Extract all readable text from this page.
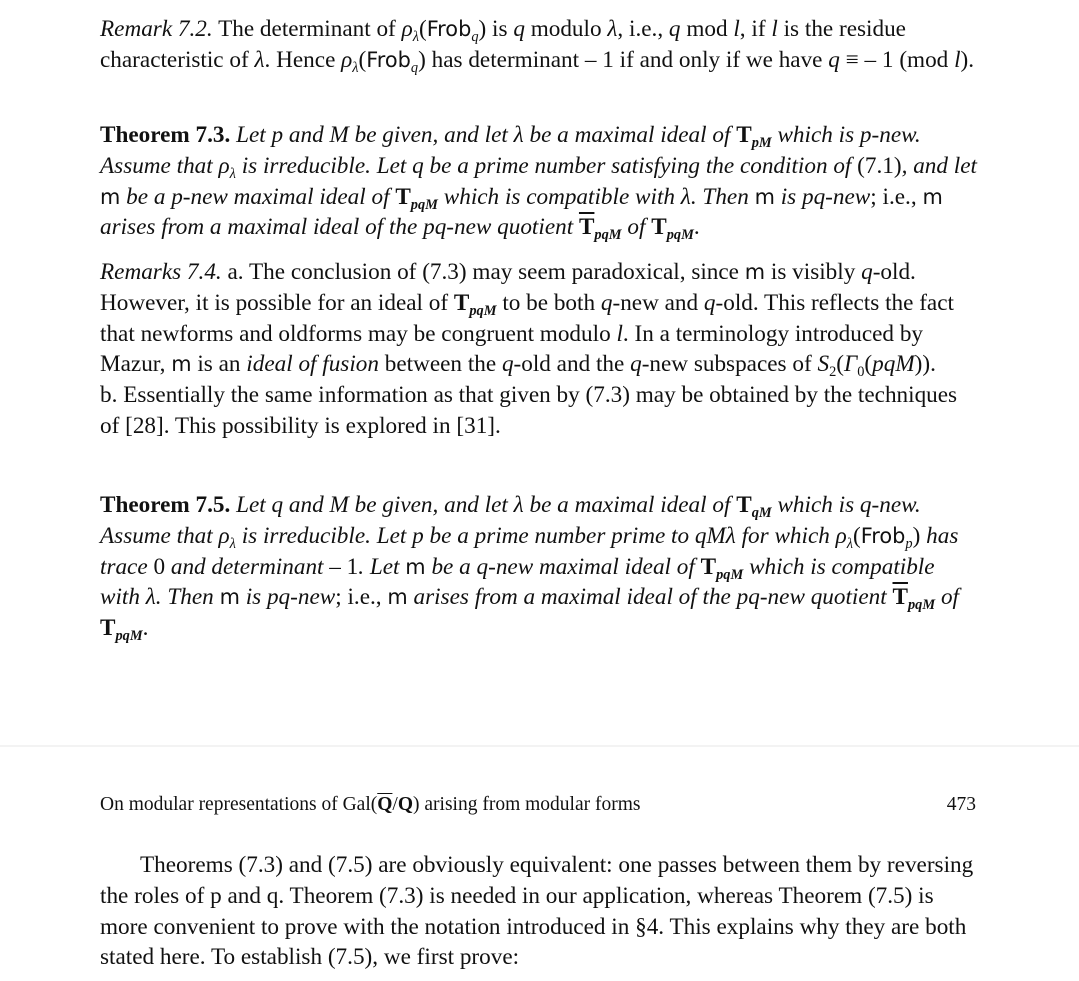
Remark 7.2. The determinant of $\rho_\lambda(Frob_q)$ is q modulo λ, i.e., q mod l, if l is the residue characteristic of λ. Hence $\rho_\lambda(Frob_q)$ has determinant – 1 if and only if we have q ≡ – 1 (mod l).

Theorem 7.3. Let p and M be given, and let λ be a maximal ideal of $T_{pM}$ which is p-new. Assume that $\rho_\lambda$ is irreducible. Let q be a prime number satisfying the condition of (7.1), and let m be a p-new maximal ideal of $T_{pqM}$ which is compatible with λ. Then m is pq-new; i.e., m arises from a maximal ideal of the pq-new quotient $\overline{T}_{pqM}$ of $T_{pqM}$.

Remarks 7.4. a. The conclusion of (7.3) may seem paradoxical, since m is visibly q-old. However, it is possible for an ideal of $T_{pqM}$ to be both q-new and q-old. This reflects the fact that newforms and oldforms may be congruent modulo l. In a terminology introduced by Mazur, m is an ideal of fusion between the q-old and the q-new subspaces of $S_2(\Gamma_0(pqM))$.
b. Essentially the same information as that given by (7.3) may be obtained by the techniques of [28]. This possibility is explored in [31].

Theorem 7.5. Let q and M be given, and let λ be a maximal ideal of $T_{qM}$ which is q-new. Assume that $\rho_\lambda$ is irreducible. Let p be a prime number prime to qMλ for which $\rho_\lambda(Frob_p)$ has trace 0 and determinant – 1. Let m be a q-new maximal ideal of $T_{pqM}$ which is compatible with λ. Then m is pq-new; i.e., m arises from a maximal ideal of the pq-new quotient $\overline{T}_{pqM}$ of $T_{pqM}$.

On modular representations of $Gal(\overline{Q}/Q)$ arising from modular forms	473

Theorems (7.3) and (7.5) are obviously equivalent: one passes between them by reversing the roles of p and q. Theorem (7.3) is needed in our application, whereas Theorem (7.5) is more convenient to prove with the notation introduced in §4. This explains why they are both stated here. To establish (7.5), we first prove:
